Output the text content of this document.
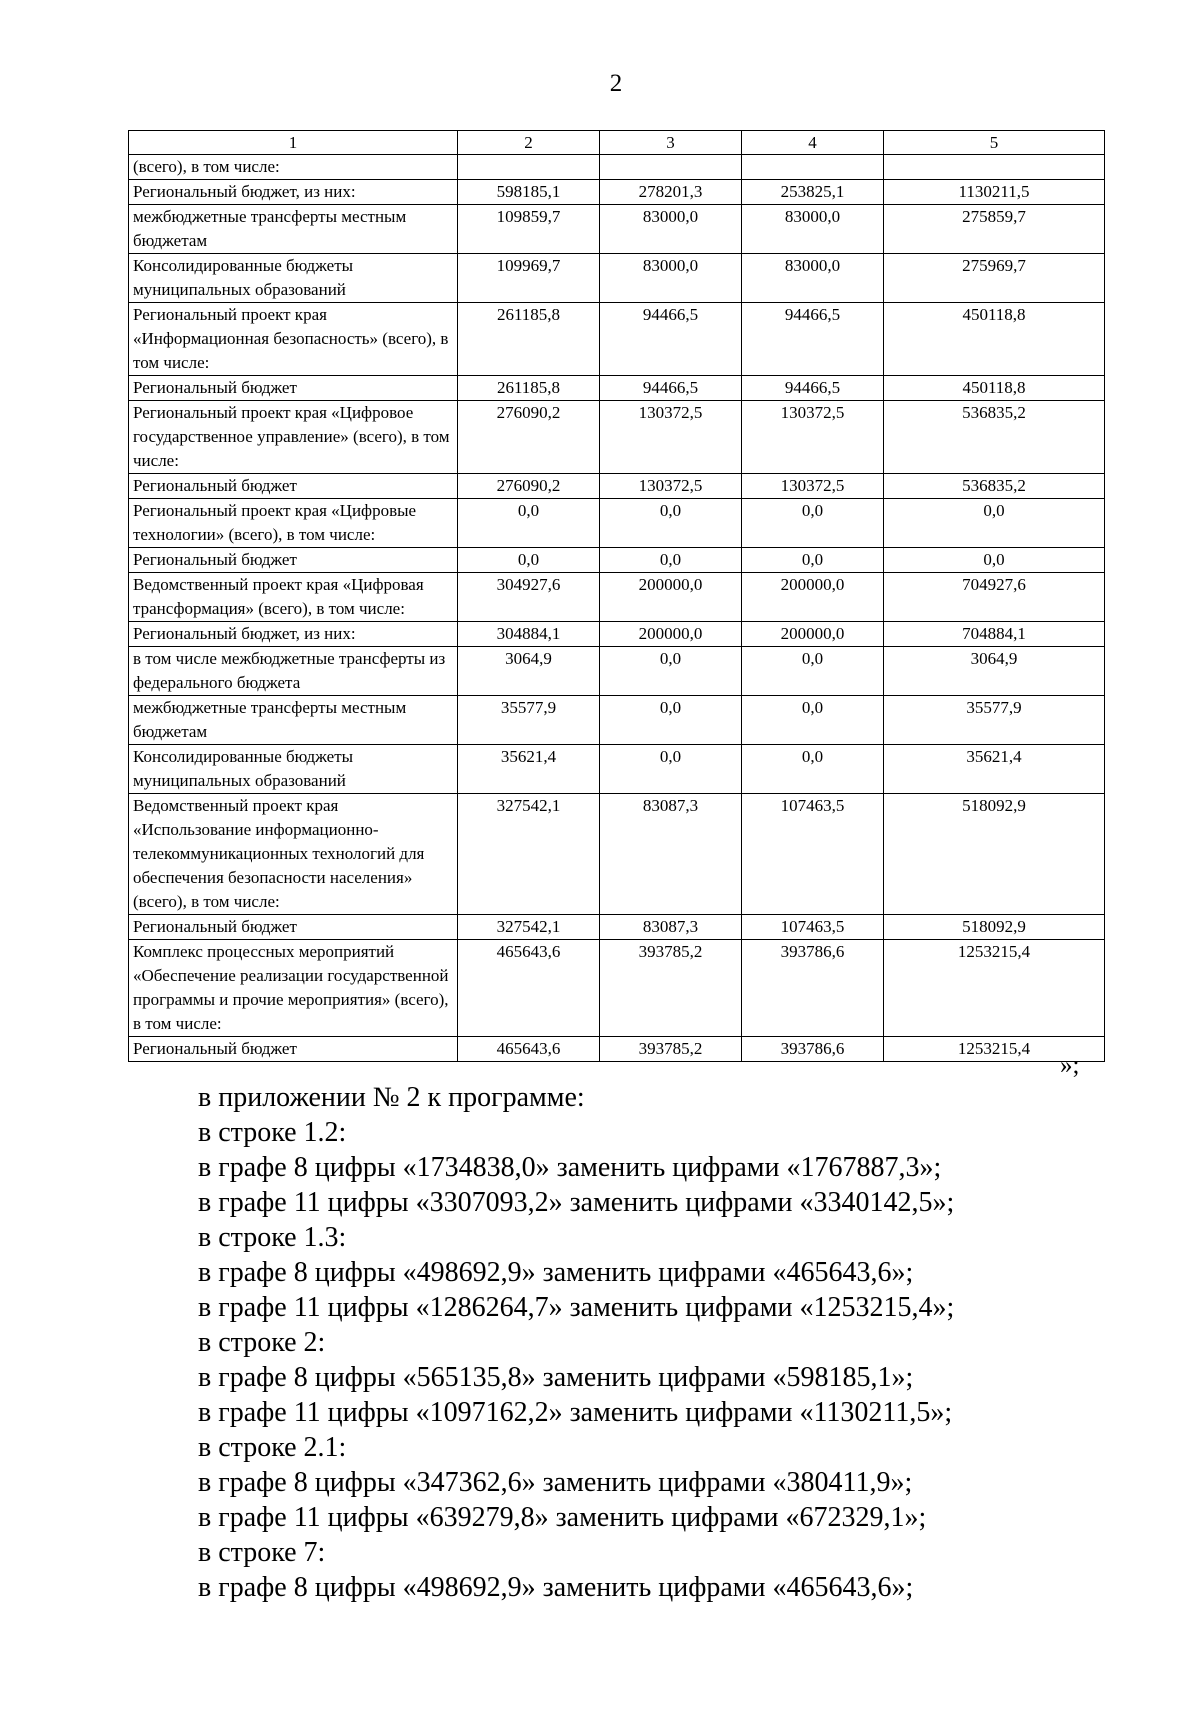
2
1	2	3	4	5
(всего), в том числе:				
Региональный бюджет, из них:	598185,1	278201,3	253825,1	1130211,5
межбюджетные трансферты местным бюджетам	109859,7	83000,0	83000,0	275859,7
Консолидированные бюджеты муниципальных образований	109969,7	83000,0	83000,0	275969,7
Региональный проект края «Информационная безопасность» (всего), в том числе:	261185,8	94466,5	94466,5	450118,8
Региональный бюджет	261185,8	94466,5	94466,5	450118,8
Региональный проект края «Цифровое государственное управление» (всего), в том числе:	276090,2	130372,5	130372,5	536835,2
Региональный бюджет	276090,2	130372,5	130372,5	536835,2
Региональный проект края «Цифровые технологии» (всего), в том числе:	0,0	0,0	0,0	0,0
Региональный бюджет	0,0	0,0	0,0	0,0
Ведомственный проект края «Цифровая трансформация» (всего), в том числе:	304927,6	200000,0	200000,0	704927,6
Региональный бюджет, из них:	304884,1	200000,0	200000,0	704884,1
в том числе межбюджетные трансферты из федерального бюджета	3064,9	0,0	0,0	3064,9
межбюджетные трансферты местным бюджетам	35577,9	0,0	0,0	35577,9
Консолидированные бюджеты муниципальных образований	35621,4	0,0	0,0	35621,4
Ведомственный проект края «Использование информационно-телекоммуникационных технологий для обеспечения безопасности населения» (всего), в том числе:	327542,1	83087,3	107463,5	518092,9
Региональный бюджет	327542,1	83087,3	107463,5	518092,9
Комплекс процессных мероприятий «Обеспечение реализации государственной программы и прочие мероприятия» (всего), в том числе:	465643,6	393785,2	393786,6	1253215,4
Региональный бюджет	465643,6	393785,2	393786,6	1253215,4
»;
в приложении № 2 к программе:
в строке 1.2:
в графе 8 цифры «1734838,0» заменить цифрами «1767887,3»;
в графе 11 цифры «3307093,2» заменить цифрами «3340142,5»;
в строке 1.3:
в графе 8 цифры «498692,9» заменить цифрами «465643,6»;
в графе 11 цифры «1286264,7» заменить цифрами «1253215,4»;
в строке 2:
в графе 8 цифры «565135,8» заменить цифрами «598185,1»;
в графе 11 цифры «1097162,2» заменить цифрами «1130211,5»;
в строке 2.1:
в графе 8 цифры «347362,6» заменить цифрами «380411,9»;
в графе 11 цифры «639279,8» заменить цифрами «672329,1»;
в строке 7:
в графе 8 цифры «498692,9» заменить цифрами «465643,6»;
